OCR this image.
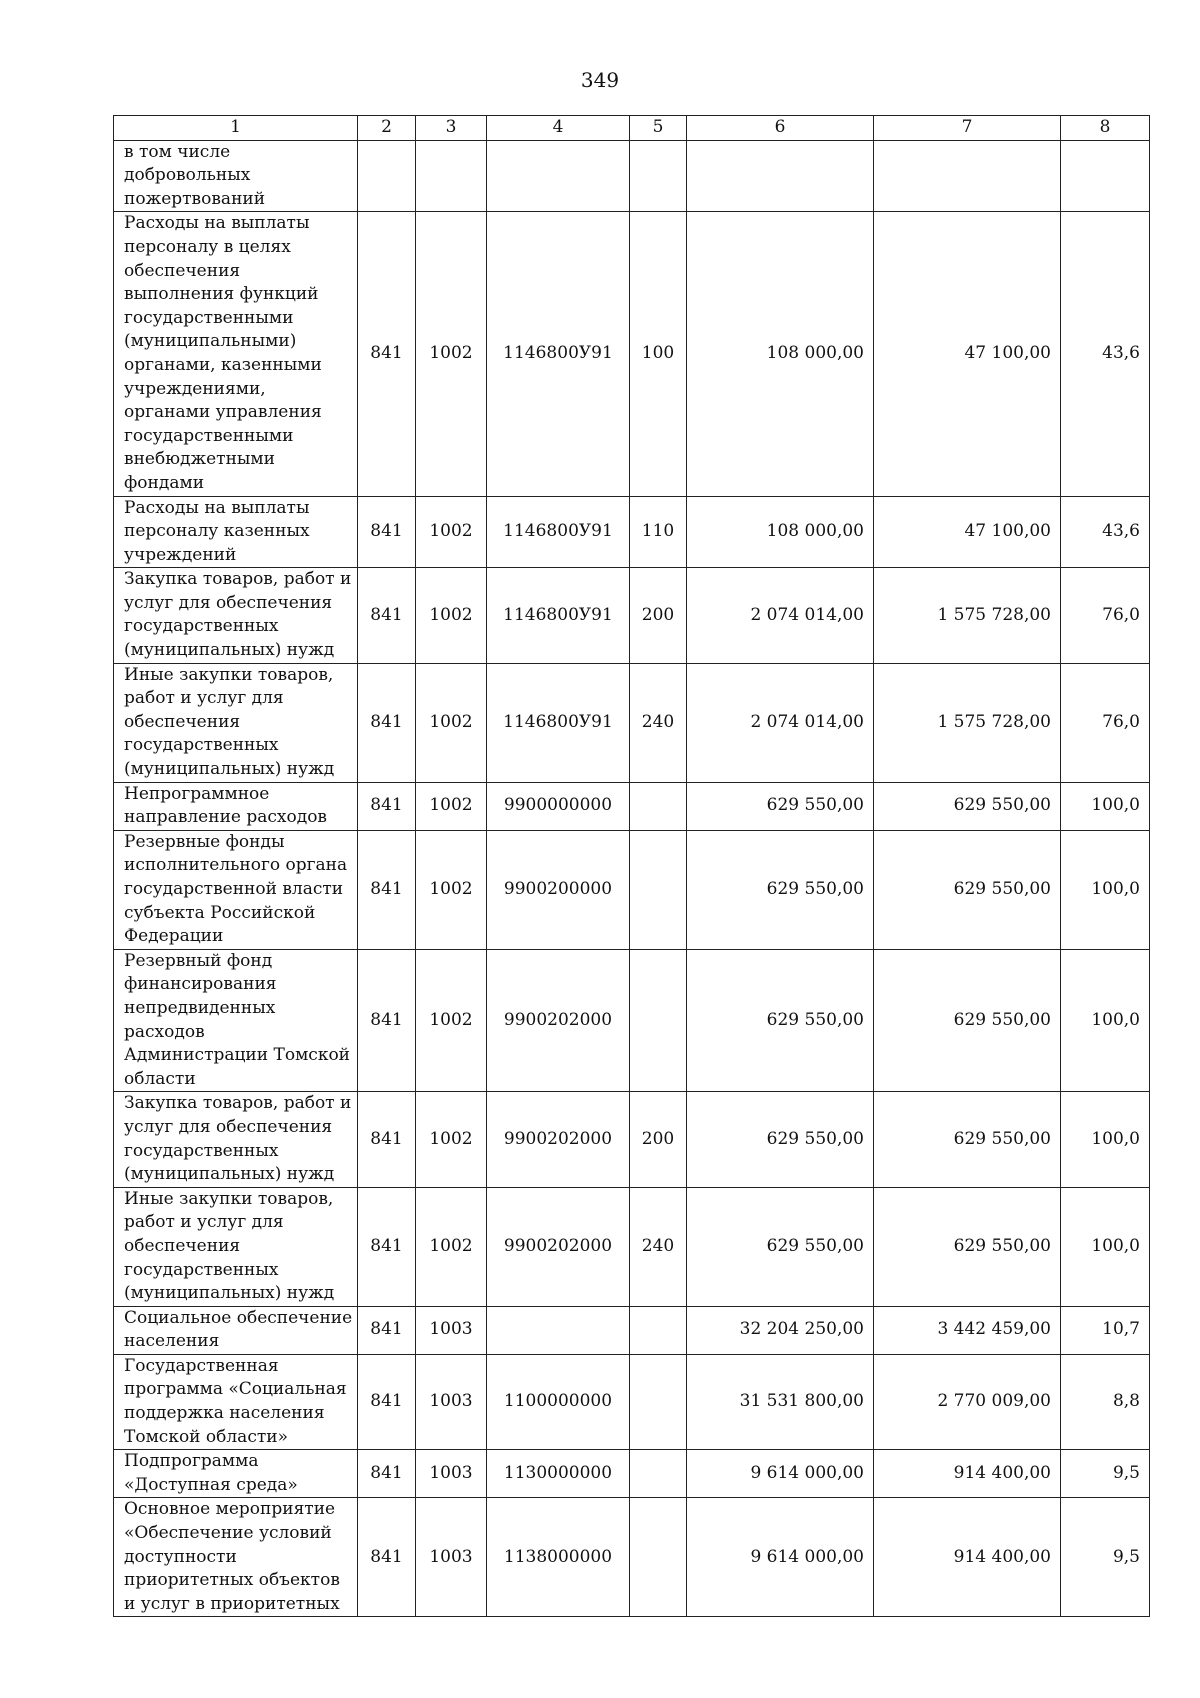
349
1	2	3	4	5	6	7	8
в том числе добровольных пожертвований							
Расходы на выплаты персоналу в целях обеспечения выполнения функций государственными (муниципальными) органами, казенными учреждениями, органами управления государственными внебюджетными фондами	841	1002	1146800У91	100	108 000,00	47 100,00	43,6
Расходы на выплаты персоналу казенных учреждений	841	1002	1146800У91	110	108 000,00	47 100,00	43,6
Закупка товаров, работ и услуг для обеспечения государственных (муниципальных) нужд	841	1002	1146800У91	200	2 074 014,00	1 575 728,00	76,0
Иные закупки товаров, работ и услуг для обеспечения государственных (муниципальных) нужд	841	1002	1146800У91	240	2 074 014,00	1 575 728,00	76,0
Непрограммное направление расходов	841	1002	9900000000		629 550,00	629 550,00	100,0
Резервные фонды исполнительного органа государственной власти субъекта Российской Федерации	841	1002	9900200000		629 550,00	629 550,00	100,0
Резервный фонд финансирования непредвиденных расходов Администрации Томской области	841	1002	9900202000		629 550,00	629 550,00	100,0
Закупка товаров, работ и услуг для обеспечения государственных (муниципальных) нужд	841	1002	9900202000	200	629 550,00	629 550,00	100,0
Иные закупки товаров, работ и услуг для обеспечения государственных (муниципальных) нужд	841	1002	9900202000	240	629 550,00	629 550,00	100,0
Социальное обеспечение населения	841	1003			32 204 250,00	3 442 459,00	10,7
Государственная программа «Социальная поддержка населения Томской области»	841	1003	1100000000		31 531 800,00	2 770 009,00	8,8
Подпрограмма «Доступная среда»	841	1003	1130000000		9 614 000,00	914 400,00	9,5
Основное мероприятие «Обеспечение условий доступности приоритетных объектов и услуг в приоритетных	841	1003	1138000000		9 614 000,00	914 400,00	9,5
